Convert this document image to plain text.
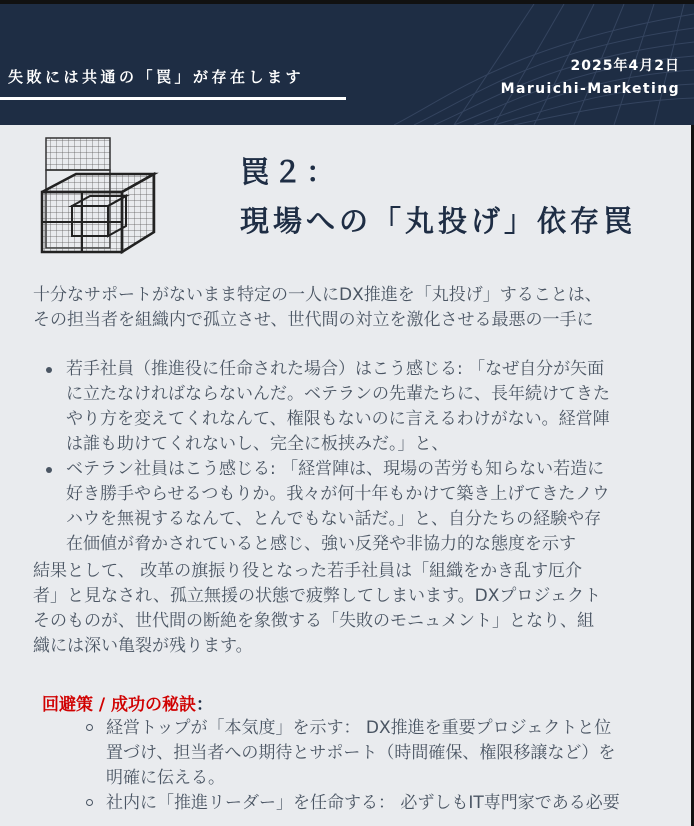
失敗には共通の「罠」が存在します
2025年4月2日
Maruichi-Marketing
罠２：
現場への「丸投げ」依存罠

十分なサポートがないまま特定の一人にDX推進を「丸投げ」することは、

その担当者を組織内で孤立させ、世代間の対立を激化させる最悪の一手に

若手社員（推進役に任命された場合）はこう感じる: 「なぜ自分が矢面

に立たなければならないんだ。ベテランの先輩たちに、長年続けてきた

やり方を変えてくれなんて、権限もないのに言えるわけがない。経営陣

は誰も助けてくれないし、完全に板挟みだ。」と、

ベテラン社員はこう感じる: 「経営陣は、現場の苦労も知らない若造に

好き勝手やらせるつもりか。我々が何十年もかけて築き上げてきたノウ

ハウを無視するなんて、とんでもない話だ。」と、自分たちの経験や存

在価値が脅かされていると感じ、強い反発や非協力的な態度を示す

結果として、 改革の旗振り役となった若手社員は「組織をかき乱す厄介

者」と見なされ、孤立無援の状態で疲弊してしまいます。DXプロジェクト

そのものが、世代間の断絶を象徴する「失敗のモニュメント」となり、組

織には深い亀裂が残ります。

回避策 / 成功の秘訣：

経営トップが「本気度」を示す： DX推進を重要プロジェクトと位

置づけ、担当者への期待とサポート（時間確保、権限移譲など）を

明確に伝える。

社内に「推進リーダー」を任命する： 必ずしもIT専門家である必要
